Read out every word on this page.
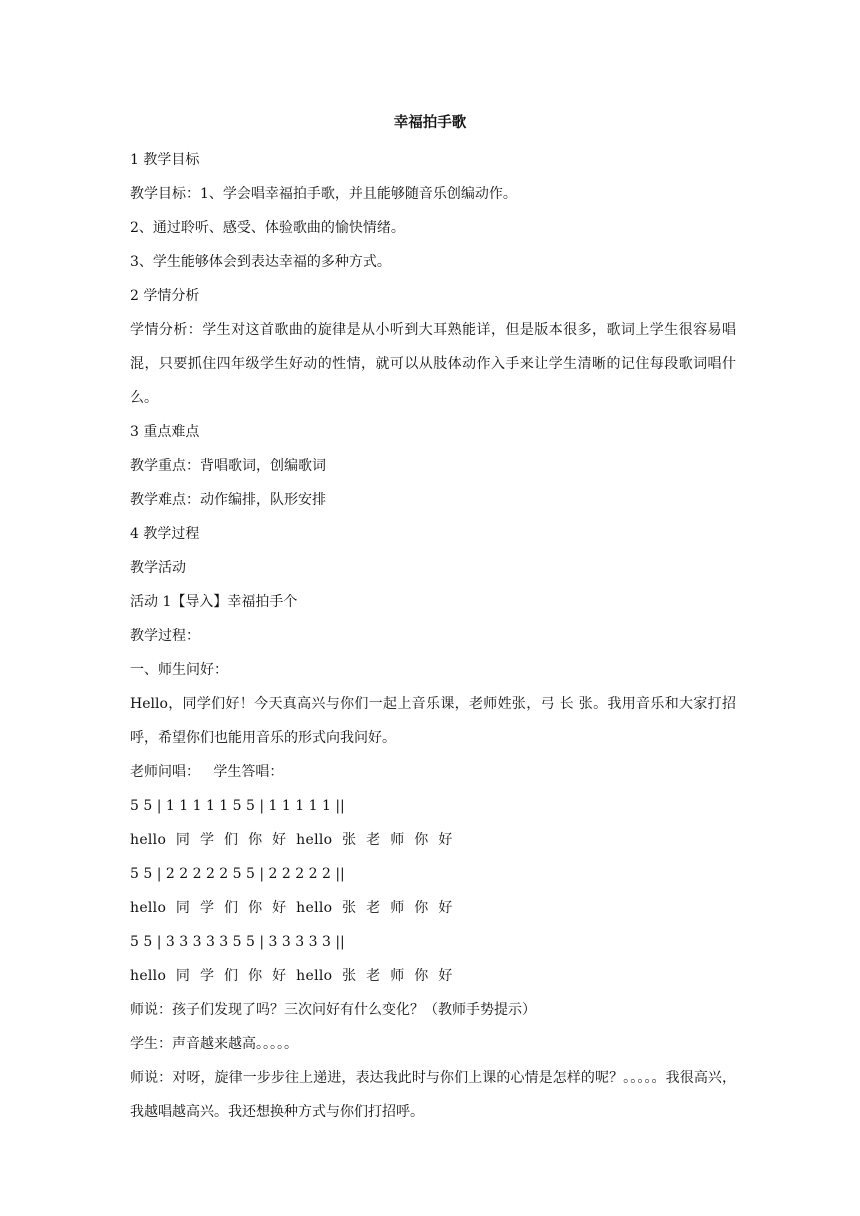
幸福拍手歌

1 教学目标

教学目标：1、学会唱幸福拍手歌，并且能够随音乐创编动作。

2、通过聆听、感受、体验歌曲的愉快情绪。

3、学生能够体会到表达幸福的多种方式。

2 学情分析

学情分析：学生对这首歌曲的旋律是从小听到大耳熟能详，但是版本很多，歌词上学生很容易唱混，只要抓住四年级学生好动的性情，就可以从肢体动作入手来让学生清晰的记住每段歌词唱什么。

3 重点难点

教学重点：背唱歌词，创编歌词

教学难点：动作编排，队形安排

4 教学过程

教学活动

活动 1【导入】幸福拍手个

教学过程：

一、师生问好：

Hello，同学们好！今天真高兴与你们一起上音乐课，老师姓张，弓 长 张。我用音乐和大家打招呼，希望你们也能用音乐的形式向我问好。

老师问唱：   学生答唱：

5 5 | 1 1 1 1 1 5 5 | 1 1 1 1 1 ||

hello 同 学 们 你 好 hello 张 老 师 你 好

5 5 | 2 2 2 2 2 5 5 | 2 2 2 2 2 ||

hello 同 学 们 你 好 hello 张 老 师 你 好

5 5 | 3 3 3 3 3 5 5 | 3 3 3 3 3 ||

hello 同 学 们 你 好 hello 张 老 师 你 好

师说：孩子们发现了吗？三次问好有什么变化？（教师手势提示）

学生：声音越来越高。。。。。

师说：对呀，旋律一步步往上递进，表达我此时与你们上课的心情是怎样的呢？。。。。。我很高兴，我越唱越高兴。我还想换种方式与你们打招呼。
